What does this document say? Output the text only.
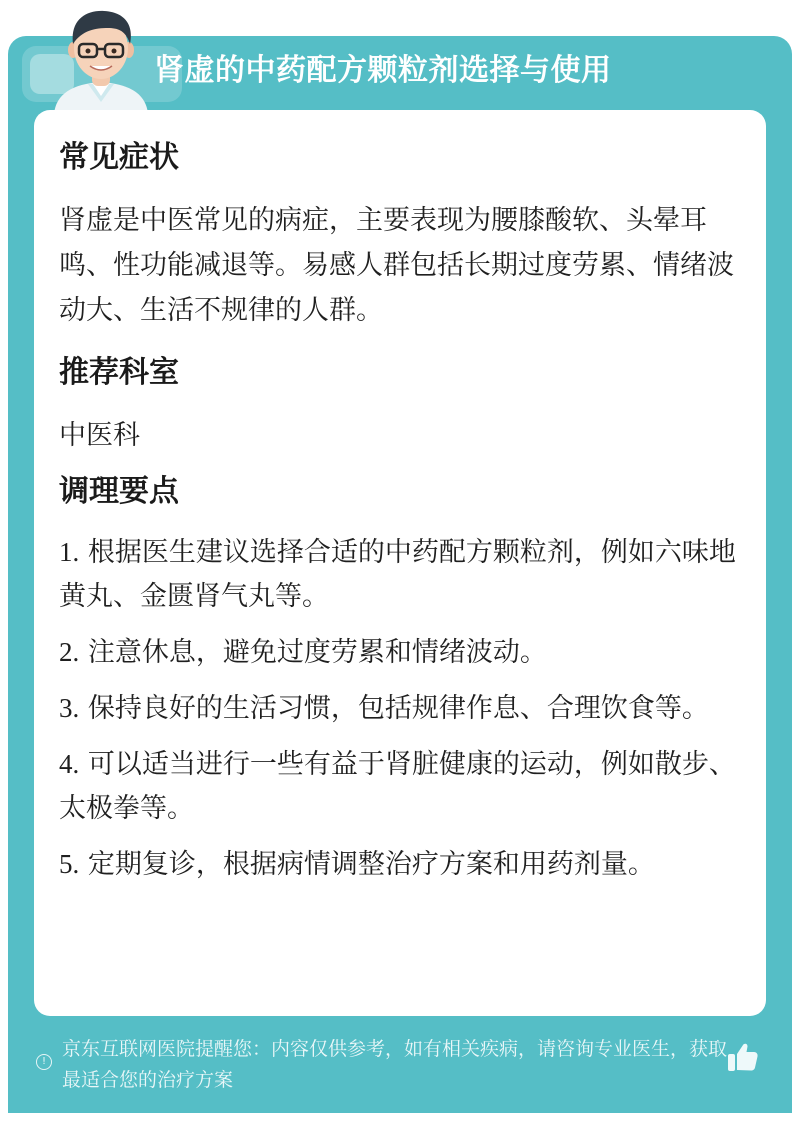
肾虚的中药配方颗粒剂选择与使用
常见症状

肾虚是中医常见的病症，主要表现为腰膝酸软、头晕耳鸣、性功能减退等。易感人群包括长期过度劳累、情绪波动大、生活不规律的人群。

推荐科室

中医科

调理要点
1. 根据医生建议选择合适的中药配方颗粒剂，例如六味地黄丸、金匮肾气丸等。
2. 注意休息，避免过度劳累和情绪波动。
3. 保持良好的生活习惯，包括规律作息、合理饮食等。
4. 可以适当进行一些有益于肾脏健康的运动，例如散步、太极拳等。
5. 定期复诊，根据病情调整治疗方案和用药剂量。
!
京东互联网医院提醒您：内容仅供参考，如有相关疾病，请咨询专业医生，获取最适合您的治疗方案
